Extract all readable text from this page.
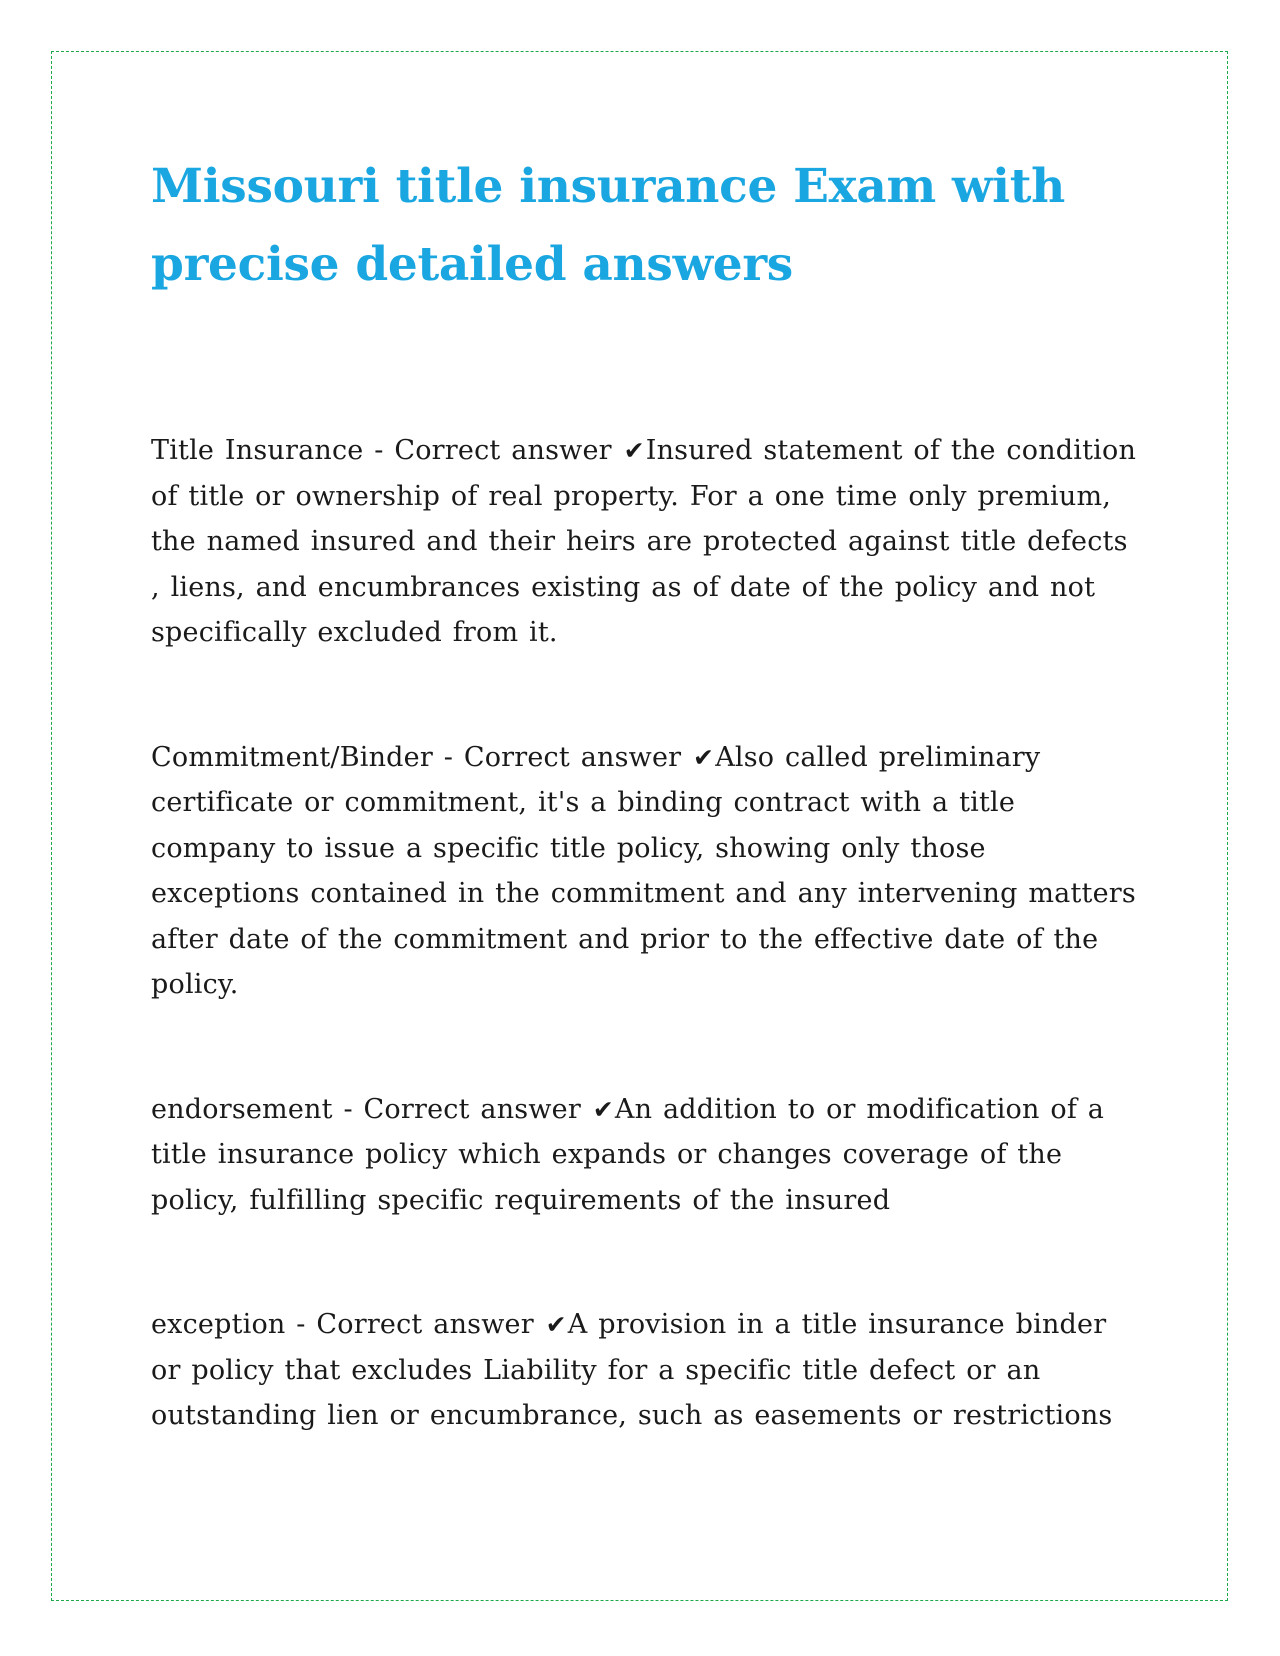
Missouri title insurance Exam with precise detailed answers

Title Insurance - Correct answer ✔Insured statement of the condition of title or ownership of real property. For a one time only premium, the named insured and their heirs are protected against title defects , liens, and encumbrances existing as of date of the policy and not specifically excluded from it.

Commitment/Binder - Correct answer ✔Also called preliminary certificate or commitment, it's a binding contract with a title company to issue a specific title policy, showing only those exceptions contained in the commitment and any intervening matters after date of the commitment and prior to the effective date of the policy.

endorsement - Correct answer ✔An addition to or modification of a title insurance policy which expands or changes coverage of the policy, fulfilling specific requirements of the insured

exception - Correct answer ✔A provision in a title insurance binder or policy that excludes Liability for a specific title defect or an outstanding lien or encumbrance, such as easements or restrictions
